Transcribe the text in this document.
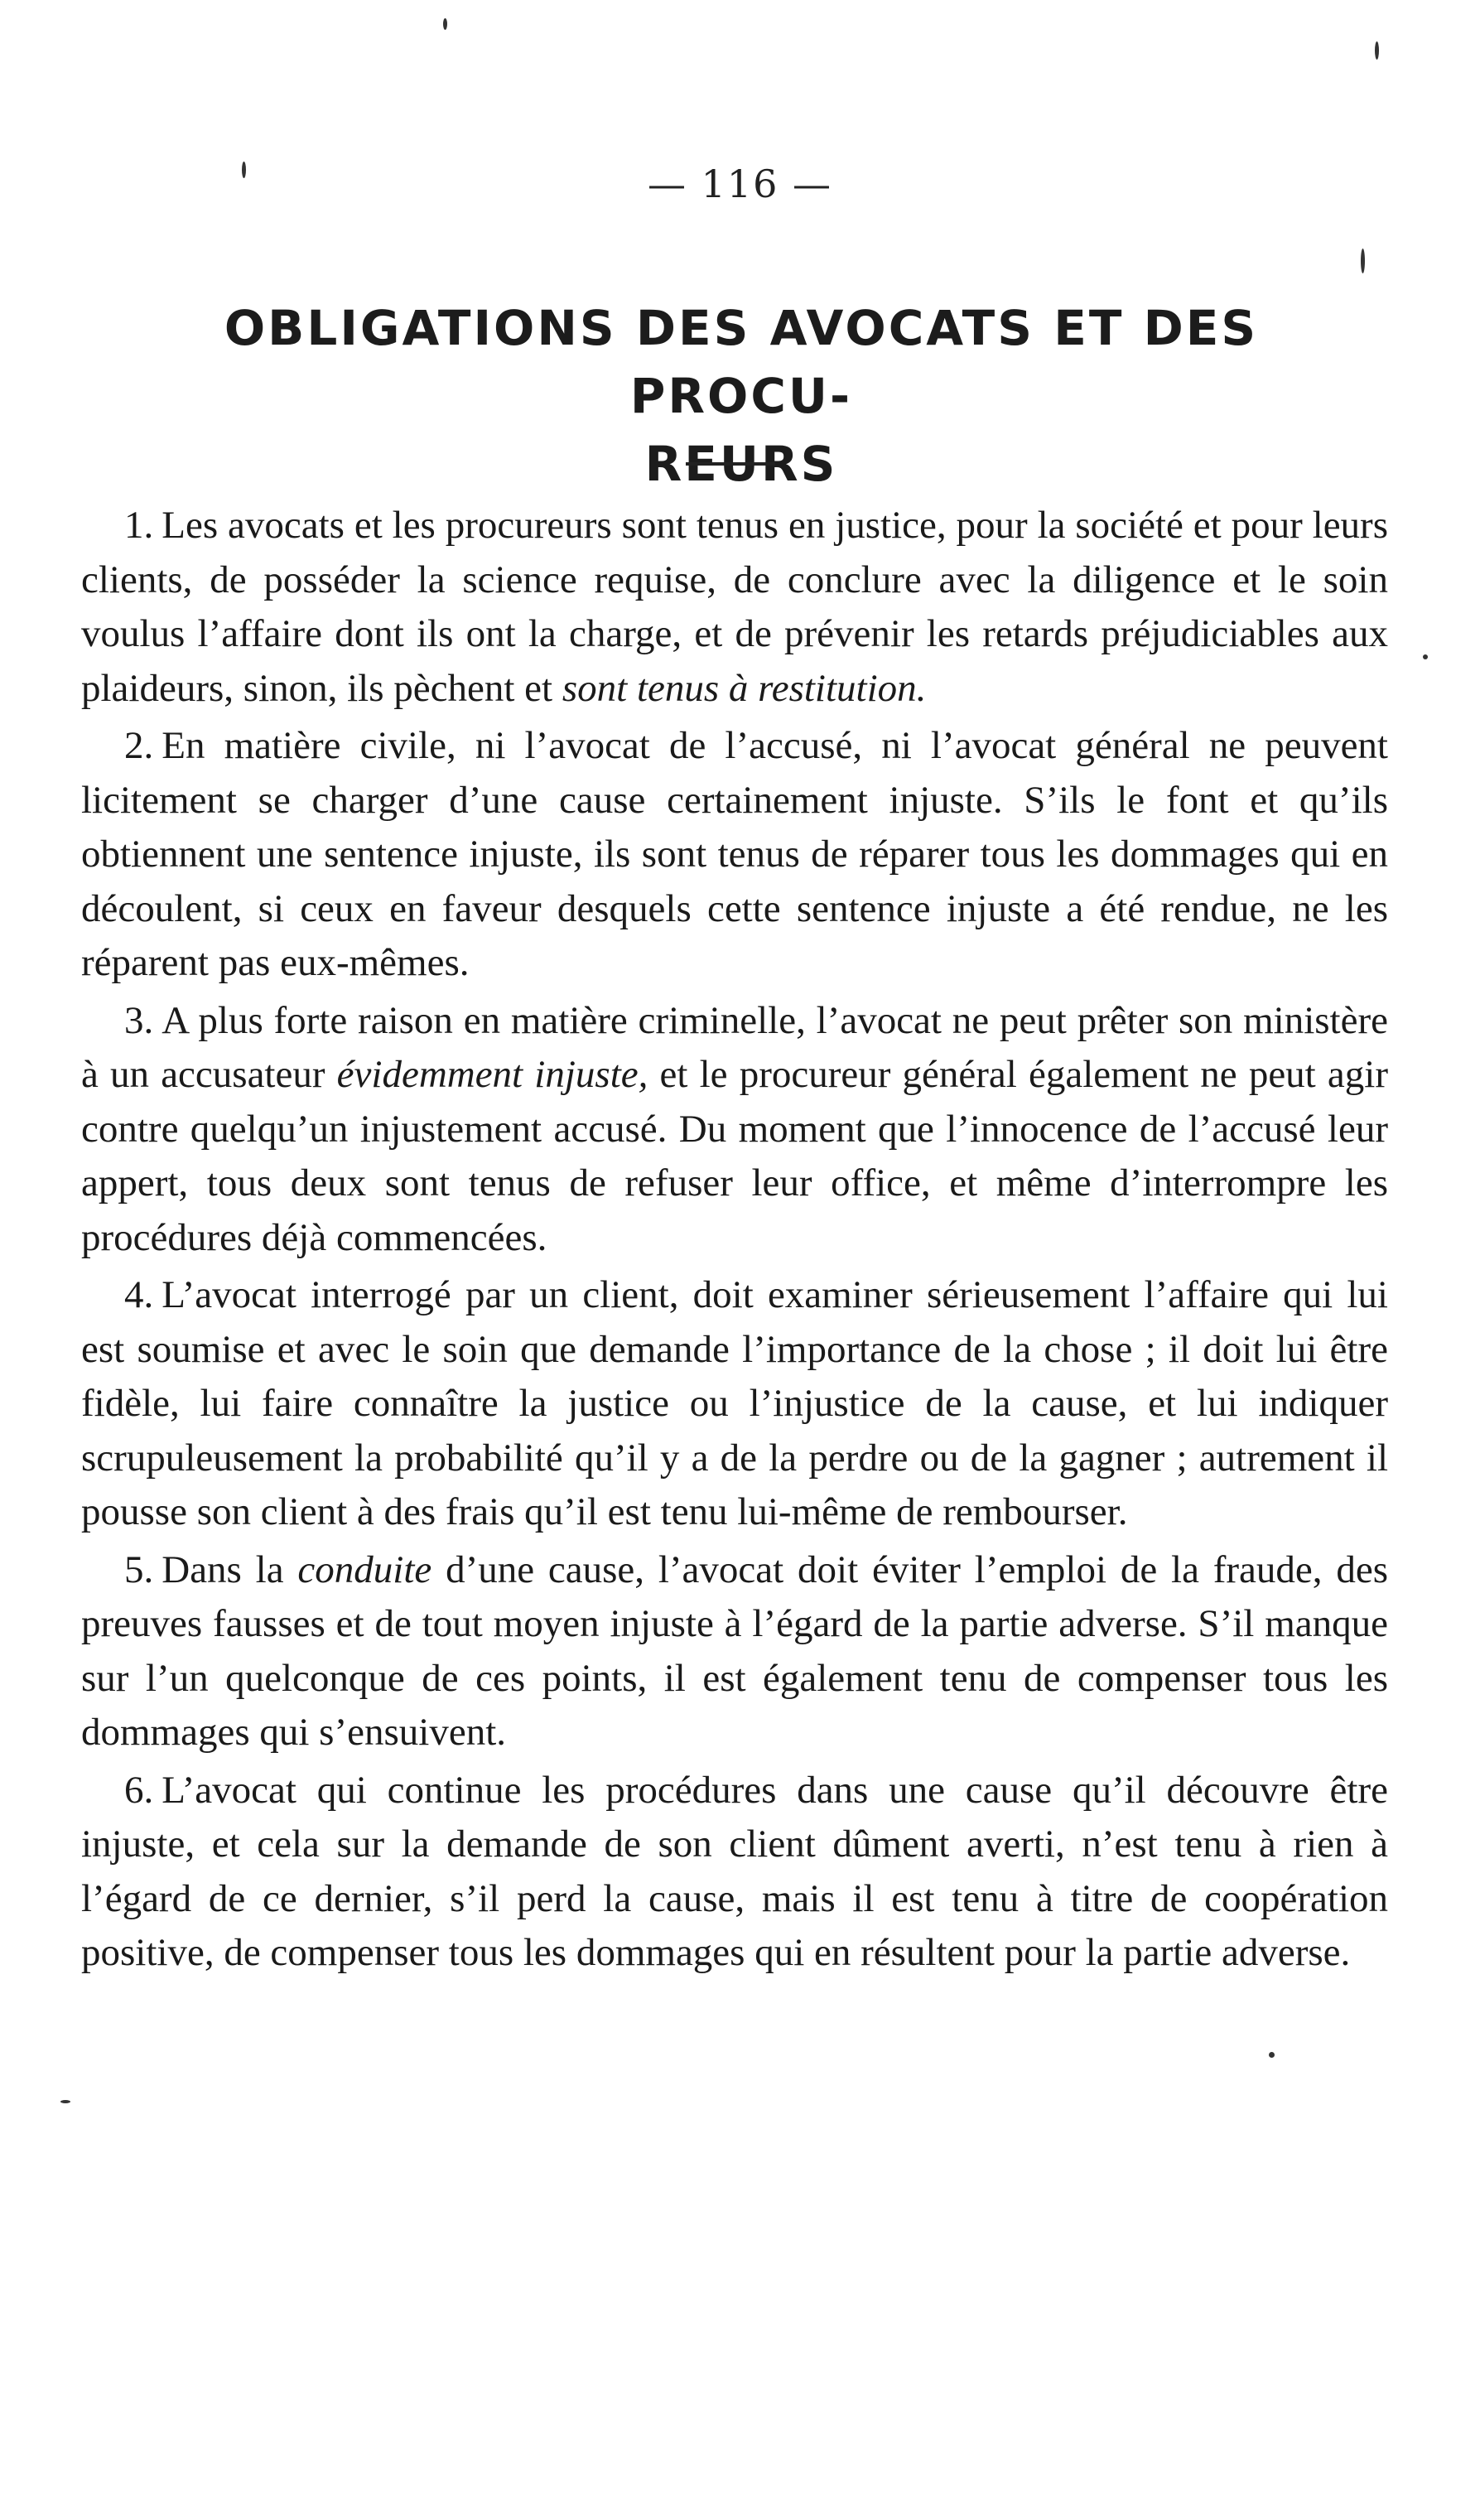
— 116 —
OBLIGATIONS DES AVOCATS ET DES PROCU-
REURS

1. Les avocats et les procureurs sont tenus en justice, pour la société et pour leurs clients, de posséder la science requise, de conclure avec la diligence et le soin voulus l’affaire dont ils ont la charge, et de prévenir les retards préjudiciables aux plaideurs, sinon, ils pèchent et sont tenus à restitution.

2. En matière civile, ni l’avocat de l’accusé, ni l’avocat général ne peuvent licitement se charger d’une cause certainement injuste. S’ils le font et qu’ils obtiennent une sentence injuste, ils sont tenus de réparer tous les dommages qui en découlent, si ceux en faveur desquels cette sentence injuste a été rendue, ne les réparent pas eux-mêmes.

3. A plus forte raison en matière criminelle, l’avocat ne peut prêter son ministère à un accusateur évidemment injuste, et le procureur général également ne peut agir contre quelqu’un injustement accusé. Du moment que l’innocence de l’accusé leur appert, tous deux sont tenus de refuser leur office, et même d’interrompre les procédures déjà commencées.

4. L’avocat interrogé par un client, doit examiner sérieusement l’affaire qui lui est soumise et avec le soin que demande l’importance de la chose ; il doit lui être fidèle, lui faire connaître la justice ou l’injustice de la cause, et lui indiquer scrupuleusement la probabilité qu’il y a de la perdre ou de la gagner ; autrement il pousse son client à des frais qu’il est tenu lui-même de rembourser.

5. Dans la conduite d’une cause, l’avocat doit éviter l’emploi de la fraude, des preuves fausses et de tout moyen injuste à l’égard de la partie adverse. S’il manque sur l’un quelconque de ces points, il est également tenu de compenser tous les dommages qui s’ensuivent.

6. L’avocat qui continue les procédures dans une cause qu’il découvre être injuste, et cela sur la demande de son client dûment averti, n’est tenu à rien à l’égard de ce dernier, s’il perd la cause, mais il est tenu à titre de coopération positive, de compenser tous les dommages qui en résultent pour la partie adverse.
